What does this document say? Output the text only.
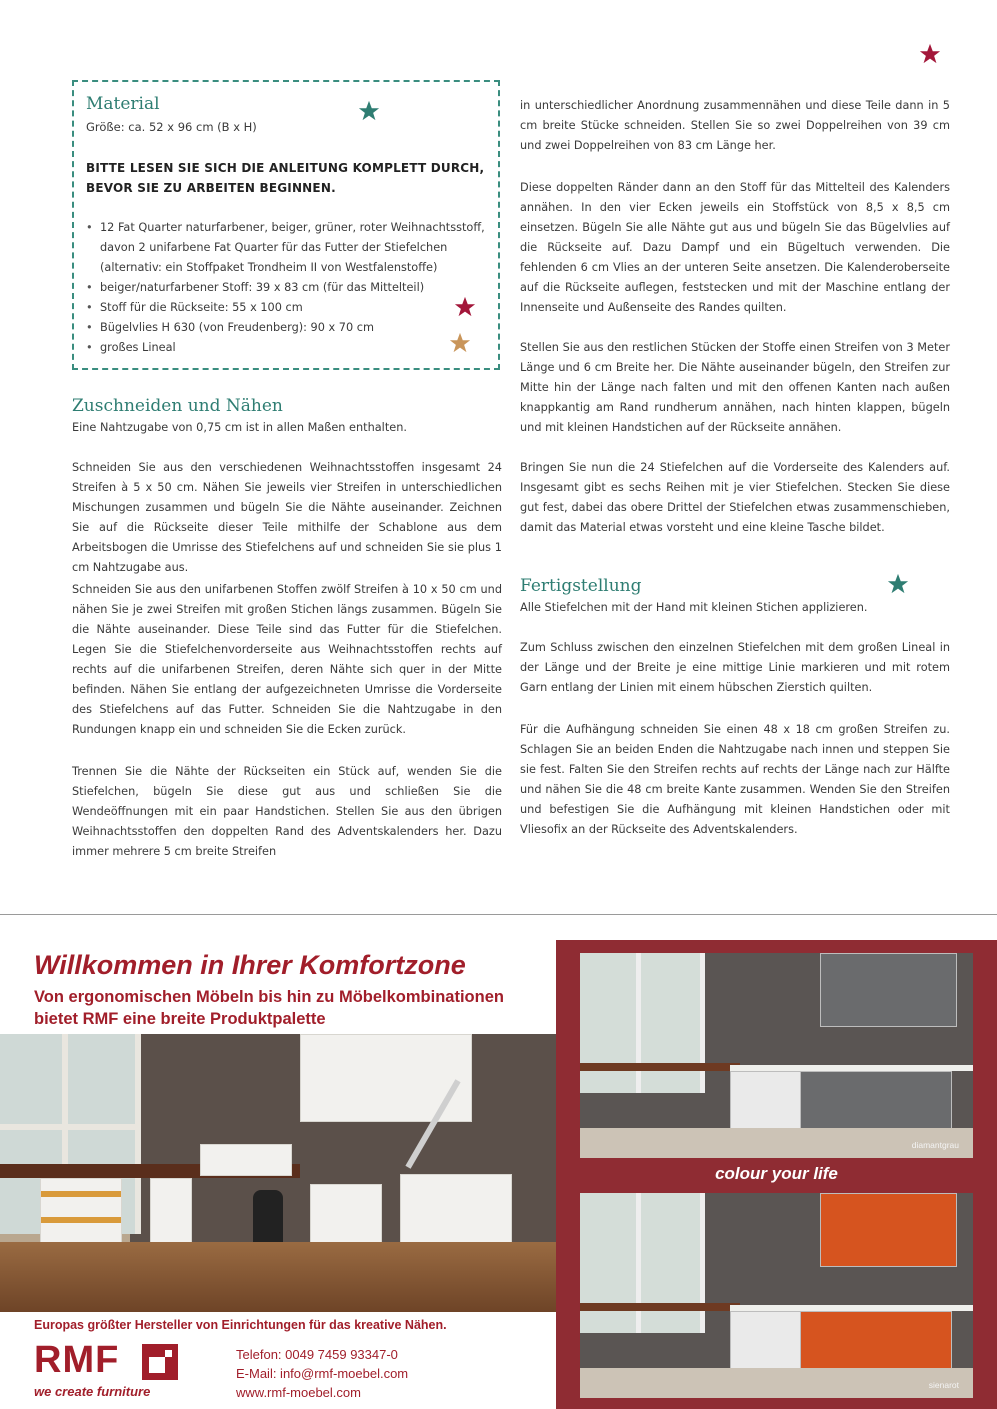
Material
Größe: ca. 52 x 96 cm (B x H)
BITTE LESEN SIE SICH DIE ANLEITUNG KOMPLETT DURCH,
BEVOR SIE ZU ARBEITEN BEGINNEN.
• 12 Fat Quarter naturfarbener, beiger, grüner, roter Weihnachtsstoff, davon 2 unifarbene Fat Quarter für das Futter der Stiefelchen (alternativ: ein Stoffpaket Trondheim II von Westfalenstoffe)
• beiger/naturfarbener Stoff: 39 x 83 cm (für das Mittelteil)
• Stoff für die Rückseite: 55 x 100 cm
• Bügelvlies H 630 (von Freudenberg): 90 x 70 cm
• großes Lineal
Zuschneiden und Nähen
Eine Nahtzugabe von 0,75 cm ist in allen Maßen enthalten.

Schneiden Sie aus den verschiedenen Weihnachtsstoffen insgesamt 24 Streifen à 5 x 50 cm. Nähen Sie jeweils vier Streifen in unterschiedlichen Mischungen zusammen und bügeln Sie die Nähte auseinander. Zeichnen Sie auf die Rückseite dieser Teile mithilfe der Schablone aus dem Arbeitsbogen die Umrisse des Stiefelchens auf und schneiden Sie sie plus 1 cm Nahtzugabe aus.

Schneiden Sie aus den unifarbenen Stoffen zwölf Streifen à 10 x 50 cm und nähen Sie je zwei Streifen mit großen Stichen längs zusammen. Bügeln Sie die Nähte auseinander. Diese Teile sind das Futter für die Stiefelchen. Legen Sie die Stiefelchenvorderseite aus Weihnachtsstoffen rechts auf rechts auf die unifarbenen Streifen, deren Nähte sich quer in der Mitte befinden. Nähen Sie entlang der aufgezeichneten Umrisse die Vorderseite des Stiefelchens auf das Futter. Schneiden Sie die Nahtzugabe in den Rundungen knapp ein und schneiden Sie die Ecken zurück.

Trennen Sie die Nähte der Rückseiten ein Stück auf, wenden Sie die Stiefelchen, bügeln Sie diese gut aus und schließen Sie die Wendeöffnungen mit ein paar Handstichen. Stellen Sie aus den übrigen Weihnachtsstoffen den doppelten Rand des Adventskalenders her. Dazu immer mehrere 5 cm breite Streifen

in unterschiedlicher Anordnung zusammennähen und diese Teile dann in 5 cm breite Stücke schneiden. Stellen Sie so zwei Doppelreihen von 39 cm und zwei Doppelreihen von 83 cm Länge her.

Diese doppelten Ränder dann an den Stoff für das Mittelteil des Kalenders annähen. In den vier Ecken jeweils ein Stoffstück von 8,5 x 8,5 cm einsetzen. Bügeln Sie alle Nähte gut aus und bügeln Sie das Bügelvlies auf die Rückseite auf. Dazu Dampf und ein Bügeltuch verwenden. Die fehlenden 6 cm Vlies an der unteren Seite ansetzen. Die Kalenderoberseite auf die Rückseite auflegen, feststecken und mit der Maschine entlang der Innenseite und Außenseite des Randes quilten.

Stellen Sie aus den restlichen Stücken der Stoffe einen Streifen von 3 Meter Länge und 6 cm Breite her. Die Nähte auseinander bügeln, den Streifen zur Mitte hin der Länge nach falten und mit den offenen Kanten nach außen knappkantig am Rand rundherum annähen, nach hinten klappen, bügeln und mit kleinen Handstichen auf der Rückseite annähen.

Bringen Sie nun die 24 Stiefelchen auf die Vorderseite des Kalenders auf. Insgesamt gibt es sechs Reihen mit je vier Stiefelchen. Stecken Sie diese gut fest, dabei das obere Drittel der Stiefelchen etwas zusammenschieben, damit das Material etwas vorsteht und eine kleine Tasche bildet.

Fertigstellung
Alle Stiefelchen mit der Hand mit kleinen Stichen applizieren.

Zum Schluss zwischen den einzelnen Stiefelchen mit dem großen Lineal in der Länge und der Breite je eine mittige Linie markieren und mit rotem Garn entlang der Linien mit einem hübschen Zierstich quilten.

Für die Aufhängung schneiden Sie einen 48 x 18 cm großen Streifen zu. Schlagen Sie an beiden Enden die Nahtzugabe nach innen und steppen Sie sie fest. Falten Sie den Streifen rechts auf rechts der Länge nach zur Hälfte und nähen Sie die 48 cm breite Kante zusammen. Wenden Sie den Streifen und befestigen Sie die Aufhängung mit kleinen Handstichen oder mit Vliesofix an der Rückseite des Adventskalenders.

Willkommen in Ihrer Komfortzone
Von ergonomischen Möbeln bis hin zu Möbelkombinationen
bietet RMF eine breite Produktpalette
diamantgrau
colour your life
sienarot
Europas größter Hersteller von Einrichtungen für das kreative Nähen.
RMF
we create furniture
Telefon: 0049 7459 93347-0
E-Mail: info@rmf-moebel.com
www.rmf-moebel.com
